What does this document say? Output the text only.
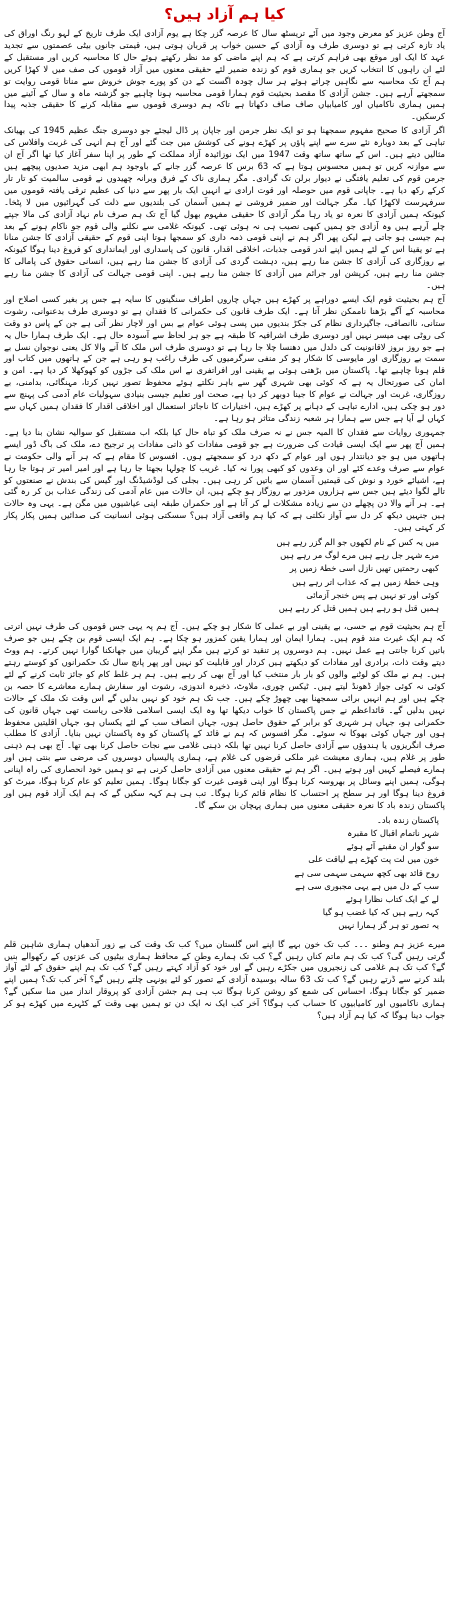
کیا ہم آزاد ہیں؟

آج وطن عزیز کو معرض وجود میں آئے تریسٹھ سال کا عرصہ گزر چکا ہے یوم آزادی ایک طرف تاریخ کے لہو رنگ اوراق کی یاد تازہ کرتی ہے تو دوسری طرف وہ آزادی کے حسین خواب پر قربان ہوتی ہیں، قیمتی جانوں بیٹی عصمتوں سے تجدید عہد کا ایک اور موقع بھی فراہم کرتی ہے کہ ہم اپنے ماضی کو مد نظر رکھتے ہوئے حال کا محاسبہ کریں اور مستقبل کے لئے ان راہوں کا انتخاب کریں جو ہماری قوم کو زندہ ضمیر لئے حقیقی معنوں میں آزاد قوموں کی صف میں لا کھڑا کریں ہم آج تک محاسبہ سے نگاہیں چراتے ہوئے ہر سال چودہ اگست کے دن کو پورے جوش خروش سے مناتا قومی روایت تو سمجھتے آرہے ہیں۔ جشن آزادی کا مقصد بحیثیت قوم ہمارا قومی محاسبہ ہونا چاہیے جو گزشتہ ماہ و سال کے آئینے میں ہمیں ہماری ناکامیاں اور کامیابیاں صاف صاف دکھاتا ہے تاکہ ہم دوسری قوموں سے مقابلہ کرنے کا حقیقی جذبہ پیدا کرسکیں۔

اگر آزادی کا صحیح مفہوم سمجھنا ہو تو ایک نظر جرمن اور جاپان پر ڈال لیجئے جو دوسری جنگ عظیم 1945 کی بھیانک تباہی کے بعد دوبارہ نئے سرے سے اپنے پاؤں پر کھڑے ہونے کی کوشش میں جت گئے اور آج ہم انہی کی غربت وافلاس کی مثالیں دیتے ہیں۔ اس کے ساتھ ساتھ وقت 1947 میں ایک نوزائیدہ آزاد مملکت کے طور پر اپنا سفر آغاز کیا تھا اگر آج ان سے موازنہ کریں تو ہمیں محسوس ہوتا ہے کہ 63 برس کا عرصہ گزر جانے کے باوجود ہم ابھی مزید صدیوں پیچھے ہیں جرمن قوم کی تعلیم یافتگی نے دیوار برلن تک گرادی۔ مگر ہماری ناک کے فرق وبرانہ چھیدوں نے قومی سالمیت کو تار تار کرکے رکھ دیا ہے۔ جاپانی قوم میں حوصلہ اور قوت ارادی نے انہیں ایک بار پھر سے دنیا کی عظیم ترقی یافتہ قوموں میں سرفہرست لاکھڑا کیا۔ مگر جہالت اور ضمیر فروشی نے ہمیں آسمان کی بلندیوں سے ذلت کی گہرائیوں میں لا پٹخا۔ کیونکہ ہمیں آزادی کا نعرہ تو یاد رہا مگر آزادی کا حقیقی مفہوم بھول گیا آج تک ہم صرف نام نہاد آزادی کی مالا جپتے چلے آرہے ہیں وہ آزادی جو ہمیں کبھی نصیب ہی نہ ہوئی تھی۔ کیونکہ غلامی سے نکلنے والی قوم جو ناکام ہونے کے بعد ہم جیسی ہو جاتی ہے لیکن پھر اگر ہم نے اپنی قومی ذمہ داری کو سمجھا ہوتا اپنی قوم کے حقیقی آزادی کا جشن منانا ہے تو یقینا اس کے لئے ہمیں اپنے اندر قومی جذبات، اخلاقی اقدار، قانون کی پاسداری اور ایمانداری کو فروغ دینا ہوگا کیونکہ بے روزگاری کی آزادی کا جشن منا رہے ہیں، دہشت گردی کی آزادی کا جشن منا رہے ہیں، انسانی حقوق کی پامالی کا جشن منا رہے ہیں، کرپشن اور جرائم میں آزادی کا جشن منا رہے ہیں۔ اپنی قومی جہالت کی آزادی کا جشن منا رہے ہیں۔

آج ہم بحیثیت قوم ایک ایسے دوراہے پر کھڑے ہیں جہاں چاروں اطراف سنگینوں کا سایہ ہے جس پر بغیر کسی اصلاح اور محاسبہ کے آگے بڑھنا ناممکن نظر آتا ہے۔ ایک طرف قانون کی حکمرانی کا فقدان ہے تو دوسری طرف بدعنوانی، رشوت ستانی، ناانصافی، جاگیرداری نظام کی جکڑ بندیوں میں پسی ہوئی عوام بے بس اور لاچار نظر آتی ہے جن کے پاس دو وقت کی روٹی بھی میسر نہیں اور دوسری طرف اشرافیہ کا طبقہ ہے جو ہر لحاظ سے آسودہ حال ہے۔ ایک طرف ہمارا حال یہ ہے جو روز بروز لاقانونیت کی دلدل میں دھنسا چلا جا رہا ہے تو دوسری طرف اس ملک کا آنے والا کل یعنی نوجوان نسل بے سمت بے روزگاری اور مایوسی کا شکار ہو کر منفی سرگرمیوں کی طرف راغب ہو رہی ہے جن کے ہاتھوں میں کتاب اور قلم ہونا چاہیے تھا۔ پاکستان میں بڑھتی ہوئی بے یقینی اور افراتفری نے اس ملک کی جڑوں کو کھوکھلا کر دیا ہے۔ امن و امان کی صورتحال یہ ہے کہ کوئی بھی شہری گھر سے باہر نکلتے ہوئے محفوظ تصور نہیں کرتا، مہنگائی، بدامنی، بے روزگاری، غربت اور جہالت نے عوام کا جینا دوبھر کر دیا ہے، صحت اور تعلیم جیسی بنیادی سہولیات عام آدمی کی پہنچ سے دور ہو چکی ہیں، ادارے تباہی کے دہانے پر کھڑے ہیں، اختیارات کا ناجائز استعمال اور اخلاقی اقدار کا فقدان ہمیں کہاں سے کہاں لے آیا ہے جس سے ہمارا ہر شعبہ زندگی متاثر ہو رہا ہے۔

جمہوری روایات سے فقدان کا المیہ جس نے نہ صرف ملک کو تباہ حال کیا بلکہ اب مستقبل کو سوالیہ نشان بنا دیا ہے۔ ہمیں آج پھر سے ایک ایسی قیادت کی ضرورت ہے جو قومی مفادات کو ذاتی مفادات پر ترجیح دے، ملک کی باگ ڈور ایسے ہاتھوں میں ہو جو دیانتدار ہوں اور عوام کے دکھ درد کو سمجھتے ہوں۔ افسوس کا مقام ہے کہ ہر آنے والی حکومت نے عوام سے صرف وعدے کئے اور ان وعدوں کو کبھی پورا نہ کیا۔ غریب کا چولہا بجھتا جا رہا ہے اور امیر امیر تر ہوتا جا رہا ہے، اشیائے خورد و نوش کی قیمتیں آسمان سے باتیں کر رہی ہیں۔ بجلی کی لوڈشیڈنگ اور گیس کی بندش نے صنعتوں کو تالے لگوا دیئے ہیں جس سے ہزاروں مزدور بے روزگار ہو چکے ہیں، ان حالات میں عام آدمی کی زندگی عذاب بن کر رہ گئی ہے۔ ہر آنے والا دن پچھلے دن سے زیادہ مشکلات لے کر آتا ہے اور حکمران طبقہ اپنی عیاشیوں میں مگن ہے۔ یہی وہ حالات ہیں جنہیں دیکھ کر دل سے آواز نکلتی ہے کہ کیا ہم واقعی آزاد ہیں؟ سسکتی ہوئی انسانیت کی صدائیں ہمیں پکار پکار کر کہتی ہیں۔

میں یہ کس کے نام لکھوں جو الم گزر رہے ہیں
مرے شہر جل رہے ہیں مرے لوگ مر رہے ہیں
کبھی رحمتیں تھیں نازل اسی خطۂ زمیں پر
وہی خطۂ زمیں ہے کہ عذاب اتر رہے ہیں
کوئی اور تو نہیں ہے پس خنجر آزمائی
ہمیں قتل ہو رہے ہیں ہمیں قتل کر رہے ہیں

آج ہم بحیثیت قوم بے حسی، بے یقینی اور بے عملی کا شکار ہو چکے ہیں۔ آج ہم پہ یہی جس قوموں کی طرف نہیں اترتی کہ ہم ایک غیرت مند قوم ہیں۔ ہمارا ایمان اور ہمارا یقین کمزور ہو چکا ہے۔ ہم ایک ایسی قوم بن چکے ہیں جو صرف باتیں کرنا جانتی ہے عمل نہیں۔ ہم دوسروں پر تنقید تو کرتے ہیں مگر اپنے گریبان میں جھانکنا گوارا نہیں کرتے۔ ہم ووٹ دیتے وقت ذات، برادری اور مفادات کو دیکھتے ہیں کردار اور قابلیت کو نہیں اور پھر پانچ سال تک حکمرانوں کو کوستے رہتے ہیں۔ ہم نے ملک کو لوٹنے والوں کو بار بار منتخب کیا اور آج بھی کر رہے ہیں۔ ہم ہر غلط کام کو جائز ثابت کرنے کے لئے کوئی نہ کوئی جواز ڈھونڈ لیتے ہیں۔ ٹیکس چوری، ملاوٹ، ذخیرہ اندوزی، رشوت اور سفارش ہمارے معاشرے کا حصہ بن چکے ہیں اور ہم انہیں برائی سمجھنا بھی چھوڑ چکے ہیں۔ جب تک ہم خود کو نہیں بدلیں گے اس وقت تک ملک کے حالات نہیں بدلیں گے۔ قائداعظم نے جس پاکستان کا خواب دیکھا تھا وہ ایک ایسی اسلامی فلاحی ریاست تھی جہاں قانون کی حکمرانی ہو، جہاں ہر شہری کو برابر کے حقوق حاصل ہوں، جہاں انصاف سب کے لئے یکساں ہو، جہاں اقلیتیں محفوظ ہوں اور جہاں کوئی بھوکا نہ سوئے۔ مگر افسوس کہ ہم نے قائد کے پاکستان کو وہ پاکستان نہیں بنایا۔ آزادی کا مطلب صرف انگریزوں یا ہندوؤں سے آزادی حاصل کرنا نہیں تھا بلکہ ذہنی غلامی سے نجات حاصل کرنا بھی تھا۔ آج بھی ہم ذہنی طور پر غلام ہیں، ہماری معیشت غیر ملکی قرضوں کی غلام ہے، ہماری پالیسیاں دوسروں کی مرضی سے بنتی ہیں اور ہمارے فیصلے کہیں اور ہوتے ہیں۔ اگر ہم نے حقیقی معنوں میں آزادی حاصل کرنی ہے تو ہمیں خود انحصاری کی راہ اپنانی ہوگی، ہمیں اپنے وسائل پر بھروسہ کرنا ہوگا اور اپنی قومی غیرت کو جگانا ہوگا۔ ہمیں تعلیم کو عام کرنا ہوگا، میرٹ کو فروغ دینا ہوگا اور ہر سطح پر احتساب کا نظام قائم کرنا ہوگا۔ تب ہی ہم کہہ سکیں گے کہ ہم ایک آزاد قوم ہیں اور پاکستان زندہ باد کا نعرہ حقیقی معنوں میں ہماری پہچان بن سکے گا۔

پاکستان زندہ باد۔
شہر ناتمام اقبال کا مقبرہ
سو گوار ان مقبتے آئے ہوئے
خون میں لت پت کھڑے ہے لیاقت علی
روح قائد بھی کچھ سہمی سہمی سی ہے
سب کے دل میں ہے یہی مجبوری سی ہے
لے کے ایک کتاب نظارا ہوئے
کہہ رہے ہیں کہ کیا غضب ہو گیا
یہ تصور تو ہر گز ہمارا نہیں

میرے عزیز ہم وطنو ۔۔۔ کب تک خون بہے گا اپنے اس گلستان میں؟ کب تک وقت کی بے زور آندھیاں ہماری شاہین قلم گرتی رہیں گی؟ کب تک ہم ماتم کناں رہیں گے؟ کب تک ہمارے وطن کے محافظ ہماری بیٹیوں کی عزتوں کے رکھوالے بنیں گے؟ کب تک ہم غلامی کی زنجیروں میں جکڑے رہیں گے اور خود کو آزاد کہتے رہیں گے؟ کب تک ہم اپنے حقوق کے لئے آواز بلند کرنے سے ڈرتے رہیں گے؟ کب تک 63 سالہ بوسیدہ آزادی کے تصور کو لئے یونہی چلتے رہیں گے؟ آخر کب تک؟ ہمیں اپنے ضمیر کو جگانا ہوگا، احساس کی شمع کو روشن کرنا ہوگا تب ہی ہم جشن آزادی کو پروقار انداز میں منا سکیں گے؟ ہماری ناکامیوں اور کامیابیوں کا حساب کب ہوگا؟ آخر کب ایک نہ ایک دن تو ہمیں بھی وقت کے کٹہرے میں کھڑے ہو کر جواب دینا ہوگا کہ کیا ہم آزاد ہیں؟
